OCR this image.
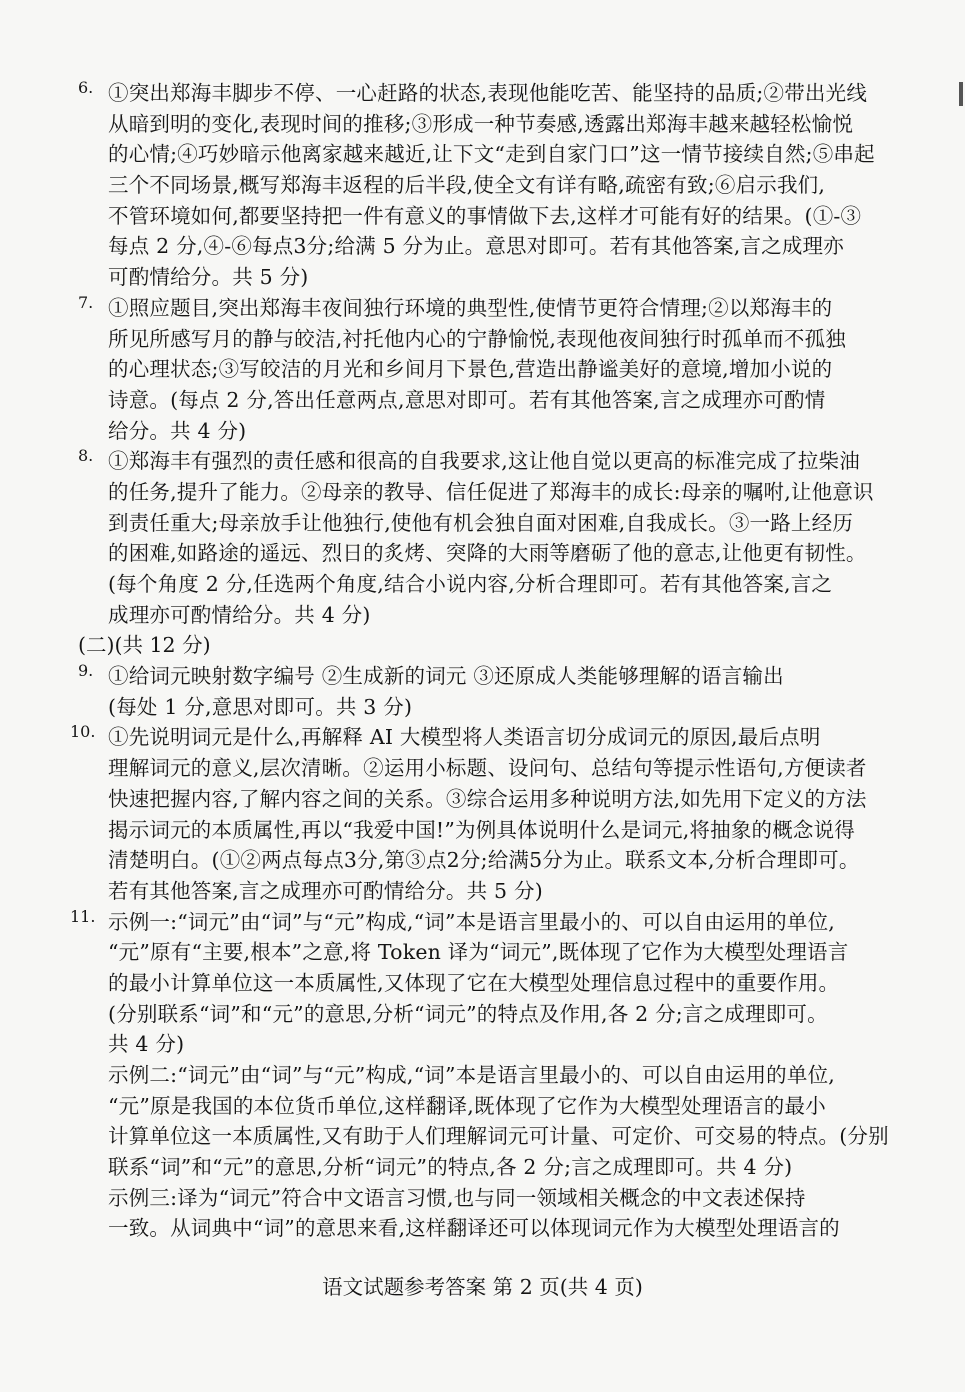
6. ①突出郑海丰脚步不停、一心赶路的状态,表现他能吃苦、能坚持的品质;②带出光线
从暗到明的变化,表现时间的推移;③形成一种节奏感,透露出郑海丰越来越轻松愉悦
的心情;④巧妙暗示他离家越来越近,让下文“走到自家门口”这一情节接续自然;⑤串起
三个不同场景,概写郑海丰返程的后半段,使全文有详有略,疏密有致;⑥启示我们,
不管环境如何,都要坚持把一件有意义的事情做下去,这样才可能有好的结果。(①-③
每点 2 分,④-⑥每点3分;给满 5 分为止。意思对即可。若有其他答案,言之成理亦
可酌情给分。共 5 分)
7. ①照应题目,突出郑海丰夜间独行环境的典型性,使情节更符合情理;②以郑海丰的
所见所感写月的静与皎洁,衬托他内心的宁静愉悦,表现他夜间独行时孤单而不孤独
的心理状态;③写皎洁的月光和乡间月下景色,营造出静谧美好的意境,增加小说的
诗意。(每点 2 分,答出任意两点,意思对即可。若有其他答案,言之成理亦可酌情
给分。共 4 分)
8. ①郑海丰有强烈的责任感和很高的自我要求,这让他自觉以更高的标准完成了拉柴油
的任务,提升了能力。②母亲的教导、信任促进了郑海丰的成长:母亲的嘱咐,让他意识
到责任重大;母亲放手让他独行,使他有机会独自面对困难,自我成长。③一路上经历
的困难,如路途的遥远、烈日的炙烤、突降的大雨等磨砺了他的意志,让他更有韧性。
(每个角度 2 分,任选两个角度,结合小说内容,分析合理即可。若有其他答案,言之
成理亦可酌情给分。共 4 分)
(二)(共 12 分)
9. ①给词元映射数字编号 ②生成新的词元 ③还原成人类能够理解的语言输出
(每处 1 分,意思对即可。共 3 分)
10. ①先说明词元是什么,再解释 AI 大模型将人类语言切分成词元的原因,最后点明
理解词元的意义,层次清晰。②运用小标题、设问句、总结句等提示性语句,方便读者
快速把握内容,了解内容之间的关系。③综合运用多种说明方法,如先用下定义的方法
揭示词元的本质属性,再以“我爱中国!”为例具体说明什么是词元,将抽象的概念说得
清楚明白。(①②两点每点3分,第③点2分;给满5分为止。联系文本,分析合理即可。
若有其他答案,言之成理亦可酌情给分。共 5 分)
11. 示例一:“词元”由“词”与“元”构成,“词”本是语言里最小的、可以自由运用的单位,
“元”原有“主要,根本”之意,将 Token 译为“词元”,既体现了它作为大模型处理语言
的最小计算单位这一本质属性,又体现了它在大模型处理信息过程中的重要作用。
(分别联系“词”和“元”的意思,分析“词元”的特点及作用,各 2 分;言之成理即可。
共 4 分)
示例二:“词元”由“词”与“元”构成,“词”本是语言里最小的、可以自由运用的单位,
“元”原是我国的本位货币单位,这样翻译,既体现了它作为大模型处理语言的最小
计算单位这一本质属性,又有助于人们理解词元可计量、可定价、可交易的特点。(分别
联系“词”和“元”的意思,分析“词元”的特点,各 2 分;言之成理即可。共 4 分)
示例三:译为“词元”符合中文语言习惯,也与同一领域相关概念的中文表述保持
一致。从词典中“词”的意思来看,这样翻译还可以体现词元作为大模型处理语言的
语文试题参考答案 第 2 页(共 4 页)
